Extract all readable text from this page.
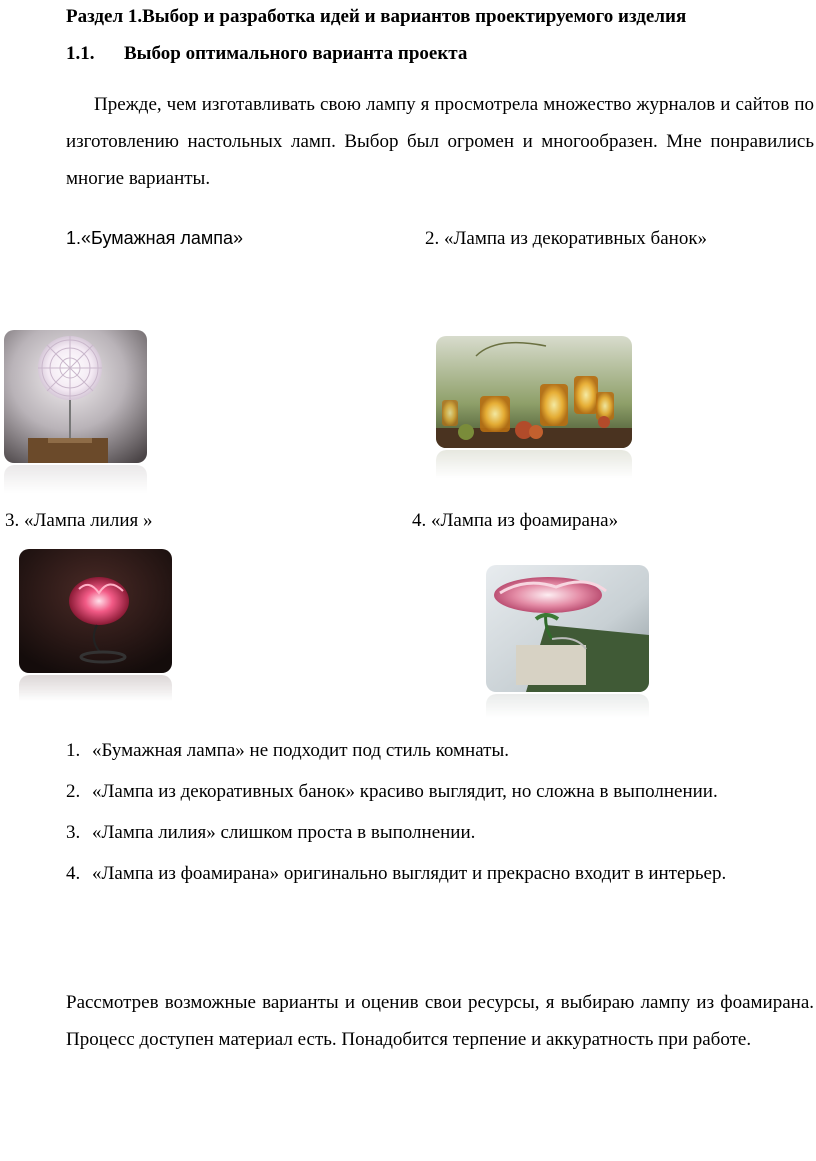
Раздел 1.Выбор и разработка идей и вариантов проектируемого изделия
1.1. Выбор оптимального варианта проекта
Прежде, чем изготавливать свою лампу я просмотрела множество журналов и сайтов по изготовлению настольных ламп. Выбор был огромен и многообразен. Мне понравились многие варианты.
1.«Бумажная лампа»	2. «Лампа из декоративных банок»
3. «Лампа лилия »	4. «Лампа из фоамирана»
1. «Бумажная лампа» не подходит под стиль комнаты.
2. «Лампа из декоративных банок» красиво выглядит, но сложна в выполнении.
3. «Лампа лилия» слишком проста в выполнении.
4. «Лампа из фоамирана» оригинально выглядит и прекрасно входит в интерьер.
Рассмотрев возможные варианты и оценив свои ресурсы, я выбираю лампу из фоамирана. Процесс доступен материал есть. Понадобится терпение и аккуратность при работе.
